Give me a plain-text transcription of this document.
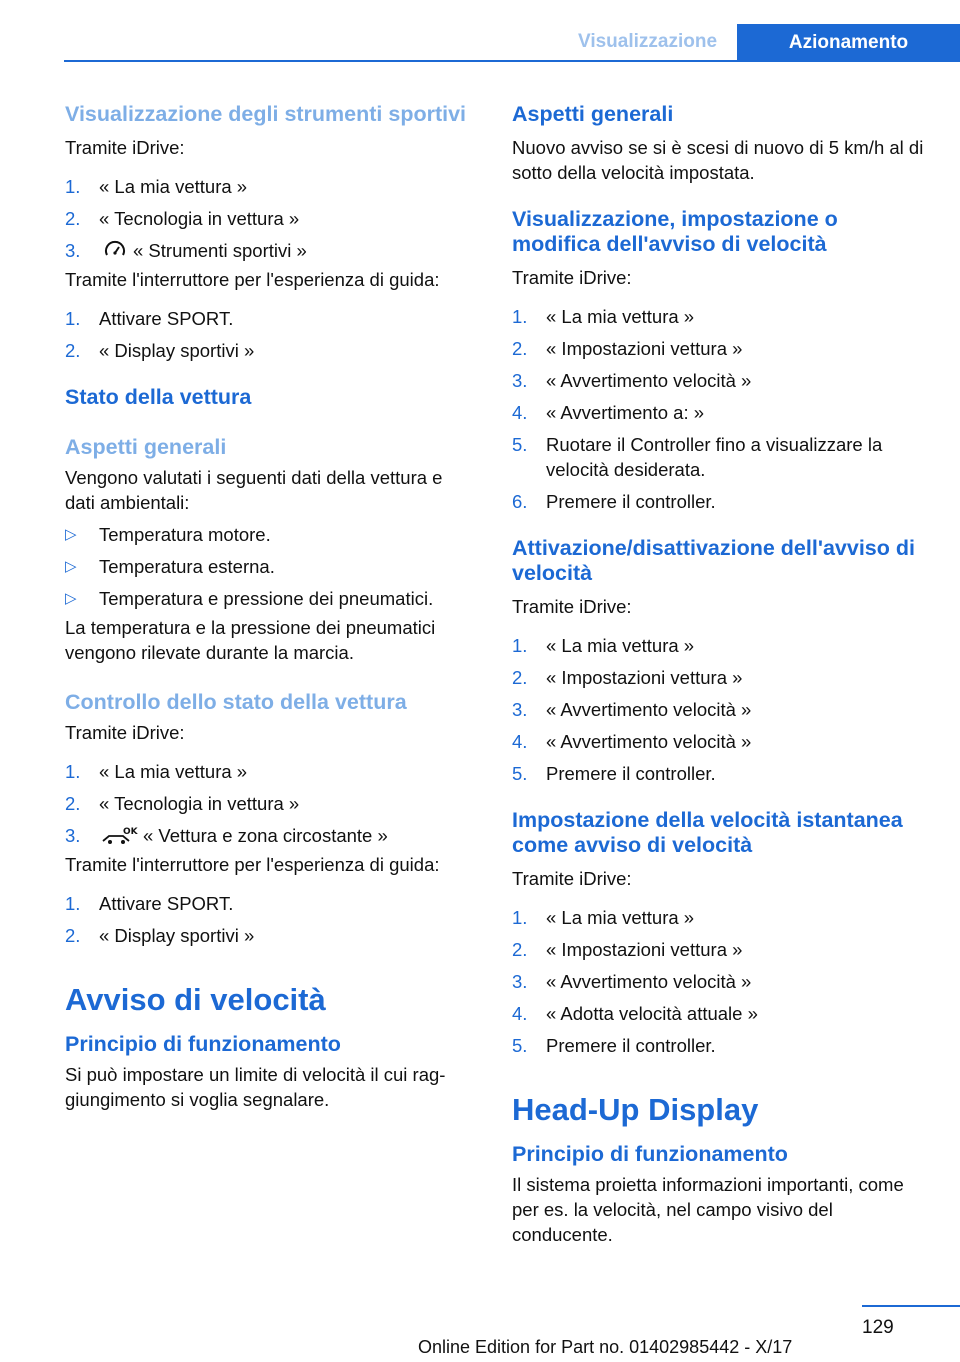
Visualizzazione	Azionamento
Visualizzazione degli strumenti sportivi

Tramite iDrive:

1. « La mia vettura »
2. « Tecnologia in vettura »
3.	« Strumenti sportivi »

Tramite l'interruttore per l'esperienza di guida:

1. Attivare SPORT.
2. « Display sportivi »
Stato della vettura
Aspetti generali

Vengono valutati i seguenti dati della vettura e dati ambientali:

▷ Temperatura motore.
▷ Temperatura esterna.
▷ Temperatura e pressione dei pneumatici.

La temperatura e la pressione dei pneumatici vengono rilevate durante la marcia.

Controllo dello stato della vettura

Tramite iDrive:

1. « La mia vettura »
2. « Tecnologia in vettura »
3.	OK « Vettura e zona circostante »

Tramite l'interruttore per l'esperienza di guida:

1. Attivare SPORT.
2. « Display sportivi »
Avviso di velocità
Principio di funzionamento

Si può impostare un limite di velocità il cui raggiungimento si voglia segnalare.

Aspetti generali

Nuovo avviso se si è scesi di nuovo di 5 km/h al di sotto della velocità impostata.

Visualizzazione, impostazione o modifica dell'avviso di velocità

Tramite iDrive:

1. « La mia vettura »
2. « Impostazioni vettura »
3. « Avvertimento velocità »
4. « Avvertimento a: »
5. Ruotare il Controller fino a visualizzare la velocità desiderata.
6. Premere il controller.
Attivazione/disattivazione dell'avviso di velocità

Tramite iDrive:

1. « La mia vettura »
2. « Impostazioni vettura »
3. « Avvertimento velocità »
4. « Avvertimento velocità »
5. Premere il controller.
Impostazione della velocità istantanea come avviso di velocità

Tramite iDrive:

1. « La mia vettura »
2. « Impostazioni vettura »
3. « Avvertimento velocità »
4. « Adotta velocità attuale »
5. Premere il controller.
Head-Up Display
Principio di funzionamento

Il sistema proietta informazioni importanti, come per es. la velocità, nel campo visivo del conducente.

129
Online Edition for Part no. 01402985442 - X/17
